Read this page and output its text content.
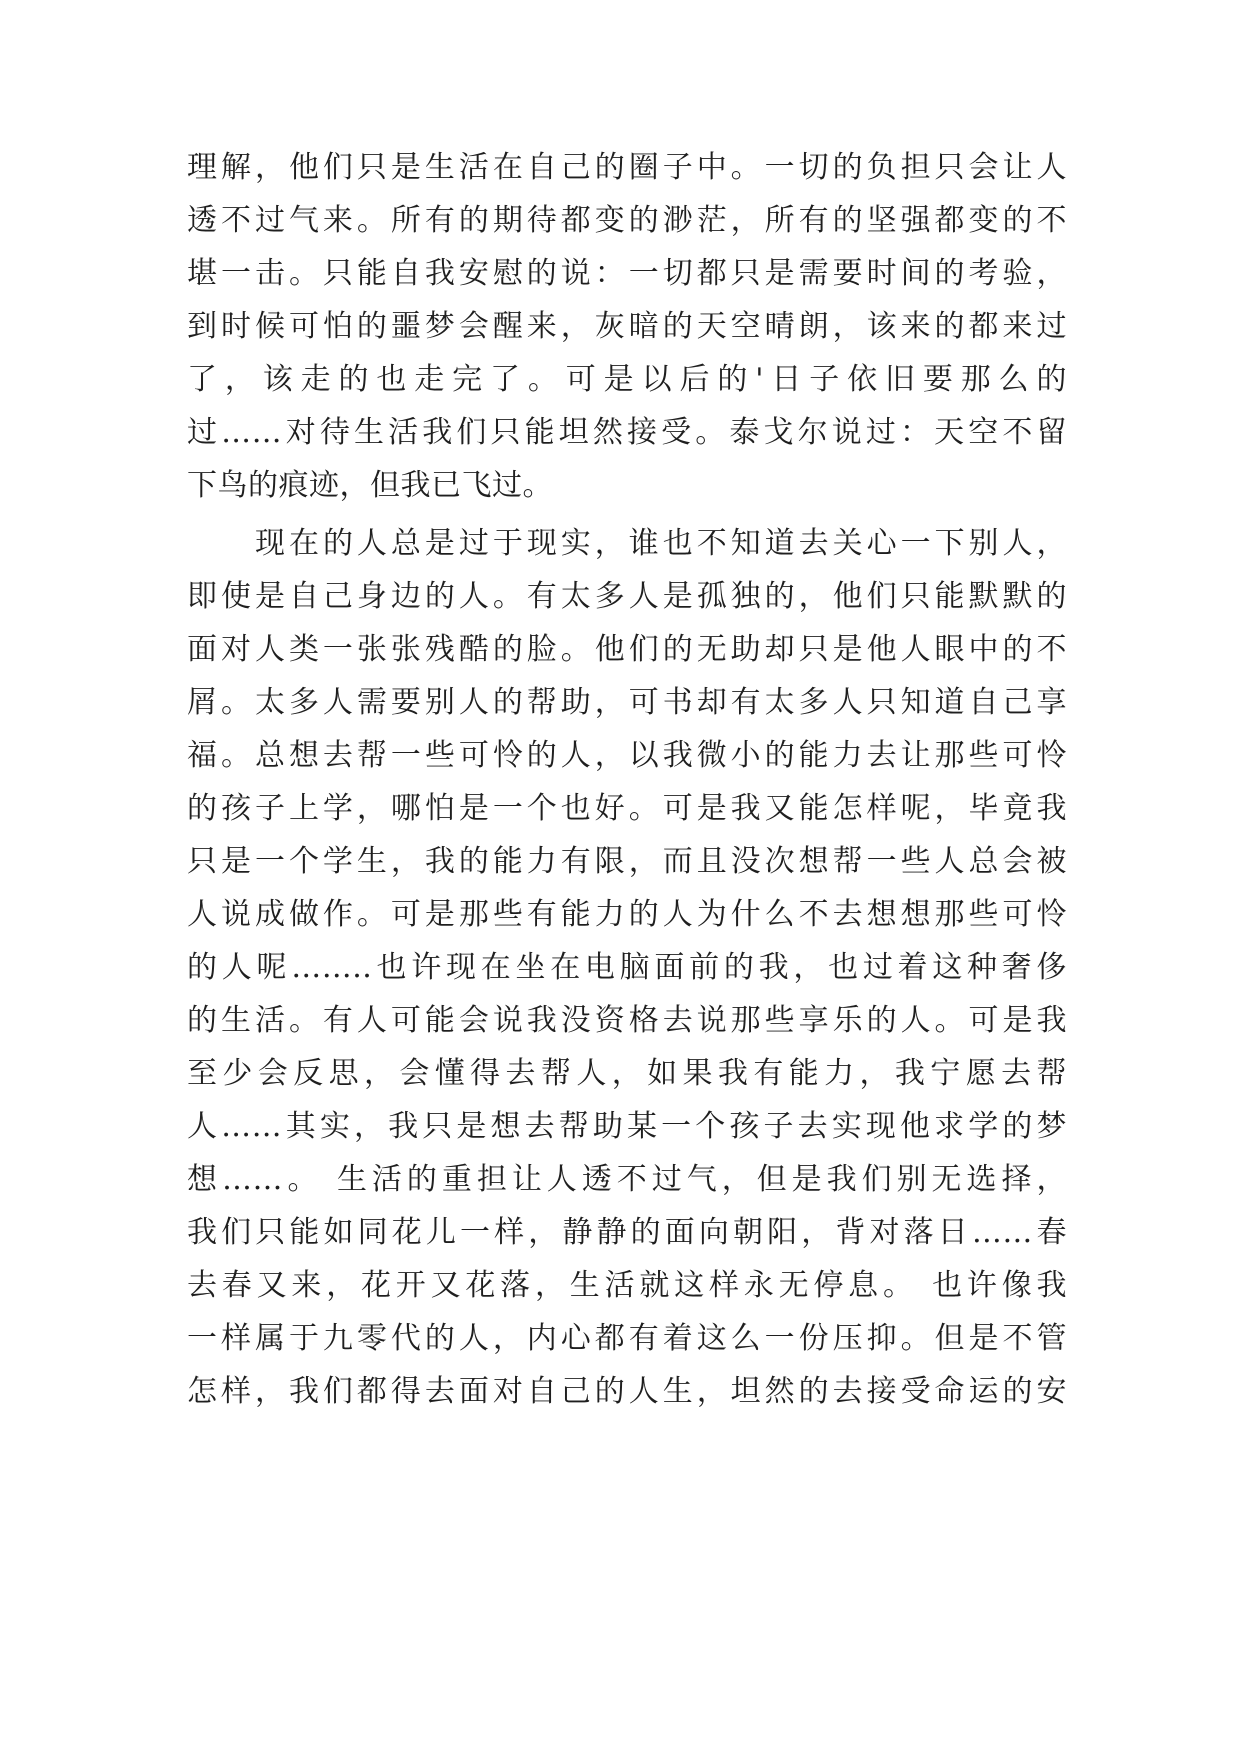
理解，他们只是生活在自己的圈子中。一切的负担只会让人
透不过气来。所有的期待都变的渺茫，所有的坚强都变的不
堪一击。只能自我安慰的说：一切都只是需要时间的考验，
到时候可怕的噩梦会醒来，灰暗的天空晴朗，该来的都来过
了，该走的也走完了。可是以后的'日子依旧要那么的
过……对待生活我们只能坦然接受。泰戈尔说过：天空不留
下鸟的痕迹，但我已飞过。
现在的人总是过于现实，谁也不知道去关心一下别人，
即使是自己身边的人。有太多人是孤独的，他们只能默默的
面对人类一张张残酷的脸。他们的无助却只是他人眼中的不
屑。太多人需要别人的帮助，可书却有太多人只知道自己享
福。总想去帮一些可怜的人，以我微小的能力去让那些可怜
的孩子上学，哪怕是一个也好。可是我又能怎样呢，毕竟我
只是一个学生，我的能力有限，而且没次想帮一些人总会被
人说成做作。可是那些有能力的人为什么不去想想那些可怜
的人呢……..也许现在坐在电脑面前的我，也过着这种奢侈
的生活。有人可能会说我没资格去说那些享乐的人。可是我
至少会反思，会懂得去帮人，如果我有能力，我宁愿去帮
人……其实，我只是想去帮助某一个孩子去实现他求学的梦
想……。 生活的重担让人透不过气，但是我们别无选择，
我们只能如同花儿一样，静静的面向朝阳，背对落日……春
去春又来，花开又花落，生活就这样永无停息。 也许像我
一样属于九零代的人，内心都有着这么一份压抑。但是不管
怎样，我们都得去面对自己的人生，坦然的去接受命运的安
